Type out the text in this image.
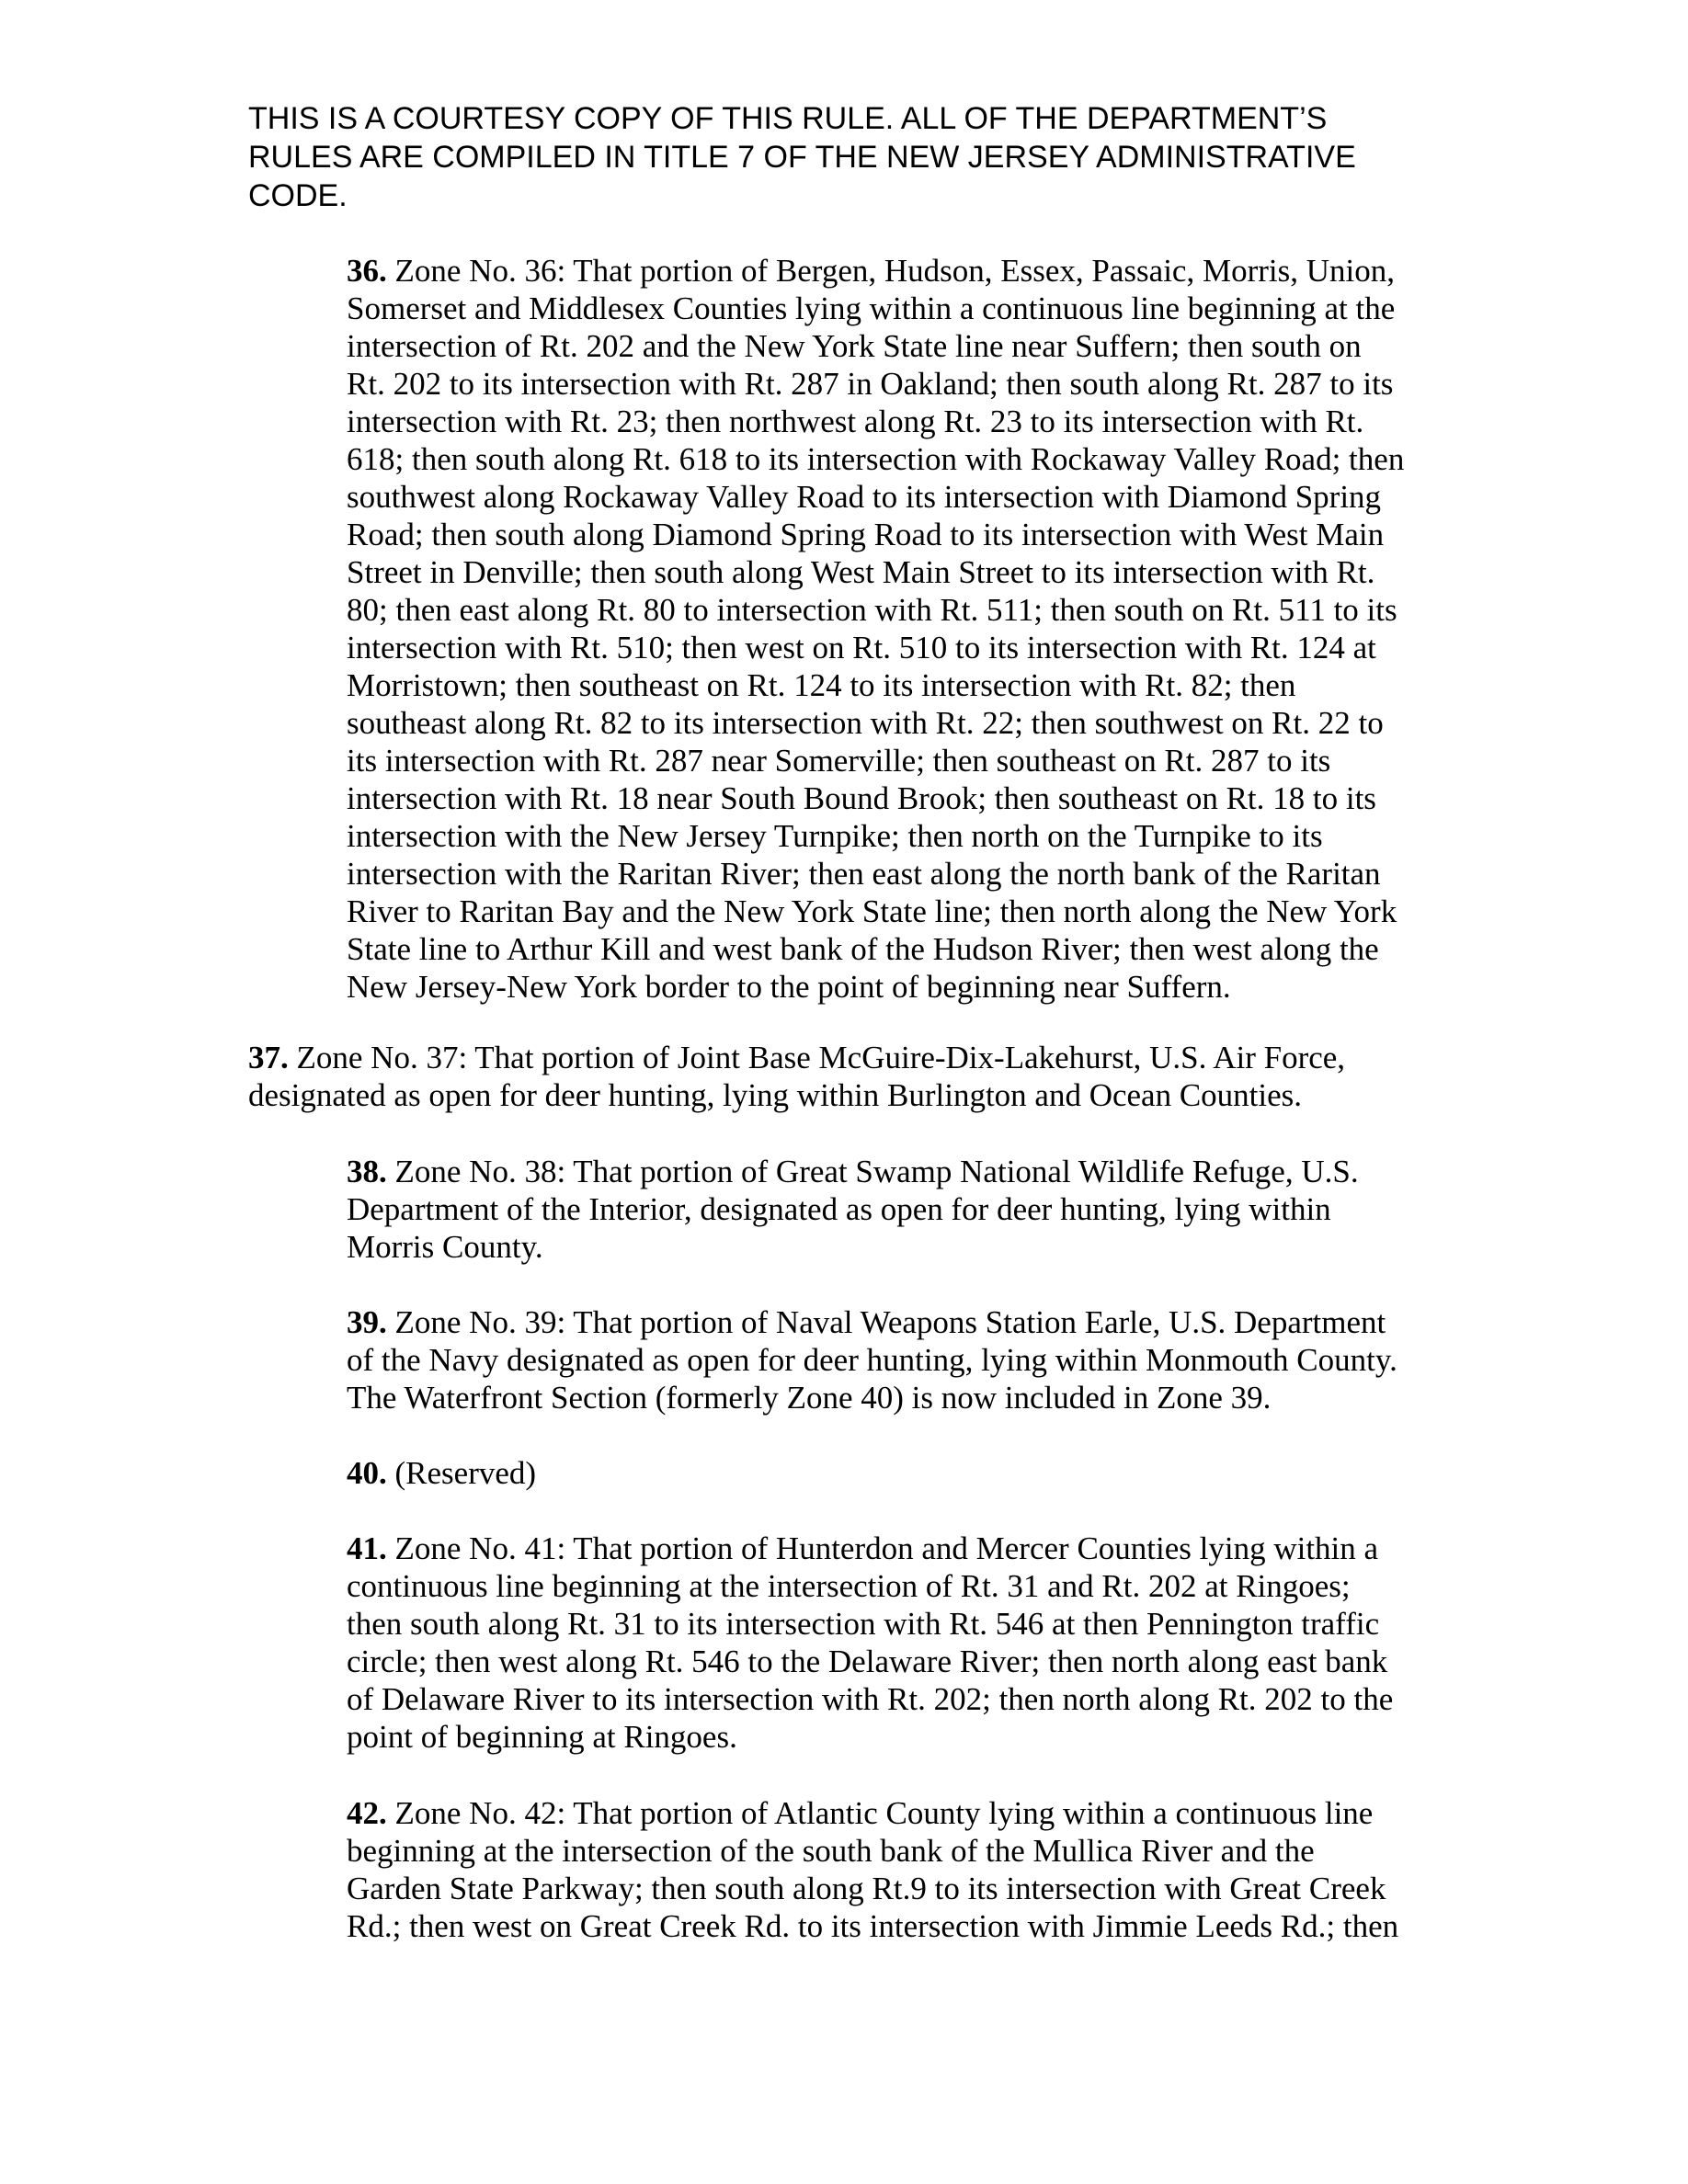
THIS IS A COURTESY COPY OF THIS RULE. ALL OF THE DEPARTMENT’S
RULES ARE COMPILED IN TITLE 7 OF THE NEW JERSEY ADMINISTRATIVE
CODE.
36. Zone No. 36: That portion of Bergen, Hudson, Essex, Passaic, Morris, Union,
Somerset and Middlesex Counties lying within a continuous line beginning at the
intersection of Rt. 202 and the New York State line near Suffern; then south on
Rt. 202 to its intersection with Rt. 287 in Oakland; then south along Rt. 287 to its
intersection with Rt. 23; then northwest along Rt. 23 to its intersection with Rt.
618; then south along Rt. 618 to its intersection with Rockaway Valley Road; then
southwest along Rockaway Valley Road to its intersection with Diamond Spring
Road; then south along Diamond Spring Road to its intersection with West Main
Street in Denville; then south along West Main Street to its intersection with Rt.
80; then east along Rt. 80 to intersection with Rt. 511; then south on Rt. 511 to its
intersection with Rt. 510; then west on Rt. 510 to its intersection with Rt. 124 at
Morristown; then southeast on Rt. 124 to its intersection with Rt. 82; then
southeast along Rt. 82 to its intersection with Rt. 22; then southwest on Rt. 22 to
its intersection with Rt. 287 near Somerville; then southeast on Rt. 287 to its
intersection with Rt. 18 near South Bound Brook; then southeast on Rt. 18 to its
intersection with the New Jersey Turnpike; then north on the Turnpike to its
intersection with the Raritan River; then east along the north bank of the Raritan
River to Raritan Bay and the New York State line; then north along the New York
State line to Arthur Kill and west bank of the Hudson River; then west along the
New Jersey-New York border to the point of beginning near Suffern.
37. Zone No. 37: That portion of Joint Base McGuire-Dix-Lakehurst, U.S. Air Force,
designated as open for deer hunting, lying within Burlington and Ocean Counties.
38. Zone No. 38: That portion of Great Swamp National Wildlife Refuge, U.S.
Department of the Interior, designated as open for deer hunting, lying within
Morris County.
39. Zone No. 39: That portion of Naval Weapons Station Earle, U.S. Department
of the Navy designated as open for deer hunting, lying within Monmouth County.
The Waterfront Section (formerly Zone 40) is now included in Zone 39.
40. (Reserved)
41. Zone No. 41: That portion of Hunterdon and Mercer Counties lying within a
continuous line beginning at the intersection of Rt. 31 and Rt. 202 at Ringoes;
then south along Rt. 31 to its intersection with Rt. 546 at then Pennington traffic
circle; then west along Rt. 546 to the Delaware River; then north along east bank
of Delaware River to its intersection with Rt. 202; then north along Rt. 202 to the
point of beginning at Ringoes.
42. Zone No. 42: That portion of Atlantic County lying within a continuous line
beginning at the intersection of the south bank of the Mullica River and the
Garden State Parkway; then south along Rt.9 to its intersection with Great Creek
Rd.; then west on Great Creek Rd. to its intersection with Jimmie Leeds Rd.; then
